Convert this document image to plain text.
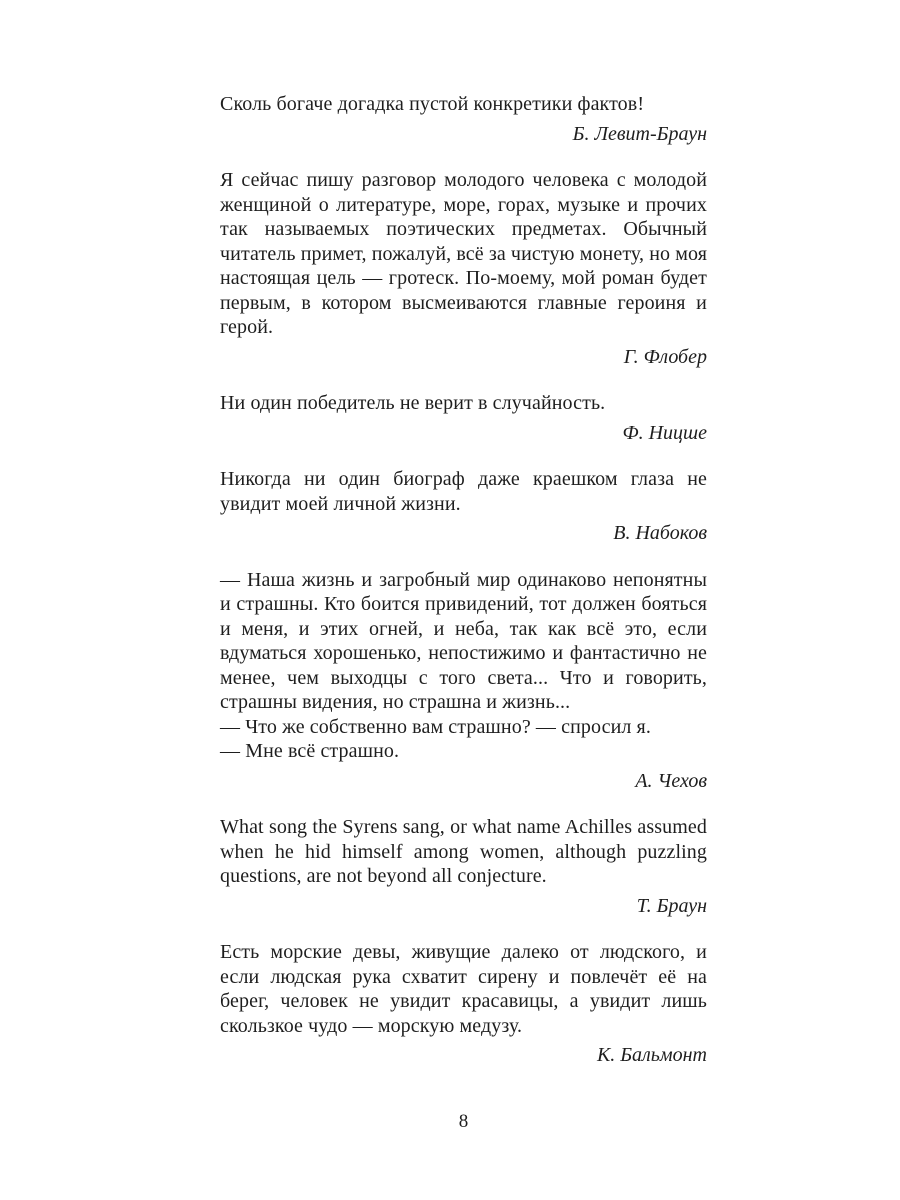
Сколь богаче догадка пустой конкретики фактов!

Б. Левит-Браун

Я сейчас пишу разговор молодого человека с молодой женщиной о литературе, море, горах, музыке и прочих так называемых поэтических предметах. Обычный читатель примет, пожалуй, всё за чистую монету, но моя настоящая цель — гротеск. По-моему, мой роман будет первым, в котором высмеиваются главные героиня и герой.

Г. Флобер

Ни один победитель не верит в случайность.

Ф. Ницше

Никогда ни один биограф даже краешком глаза не увидит моей личной жизни.

В. Набоков

— Наша жизнь и загробный мир одинаково непонятны и страшны. Кто боится привидений, тот должен бояться и меня, и этих огней, и неба, так как всё это, если вдуматься хорошенько, непостижимо и фантастично не менее, чем выходцы с того света... Что и говорить, страшны видения, но страшна и жизнь...

— Что же собственно вам страшно? — спросил я.

— Мне всё страшно.

А. Чехов

What song the Syrens sang, or what name Achilles assumed when he hid himself among women, although puzzling questions, are not beyond all conjecture.

Т. Браун

Есть морские девы, живущие далеко от людского, и если людская рука схватит сирену и повлечёт её на берег, человек не увидит красавицы, а увидит лишь скользкое чудо — морскую медузу.

К. Бальмонт

8
